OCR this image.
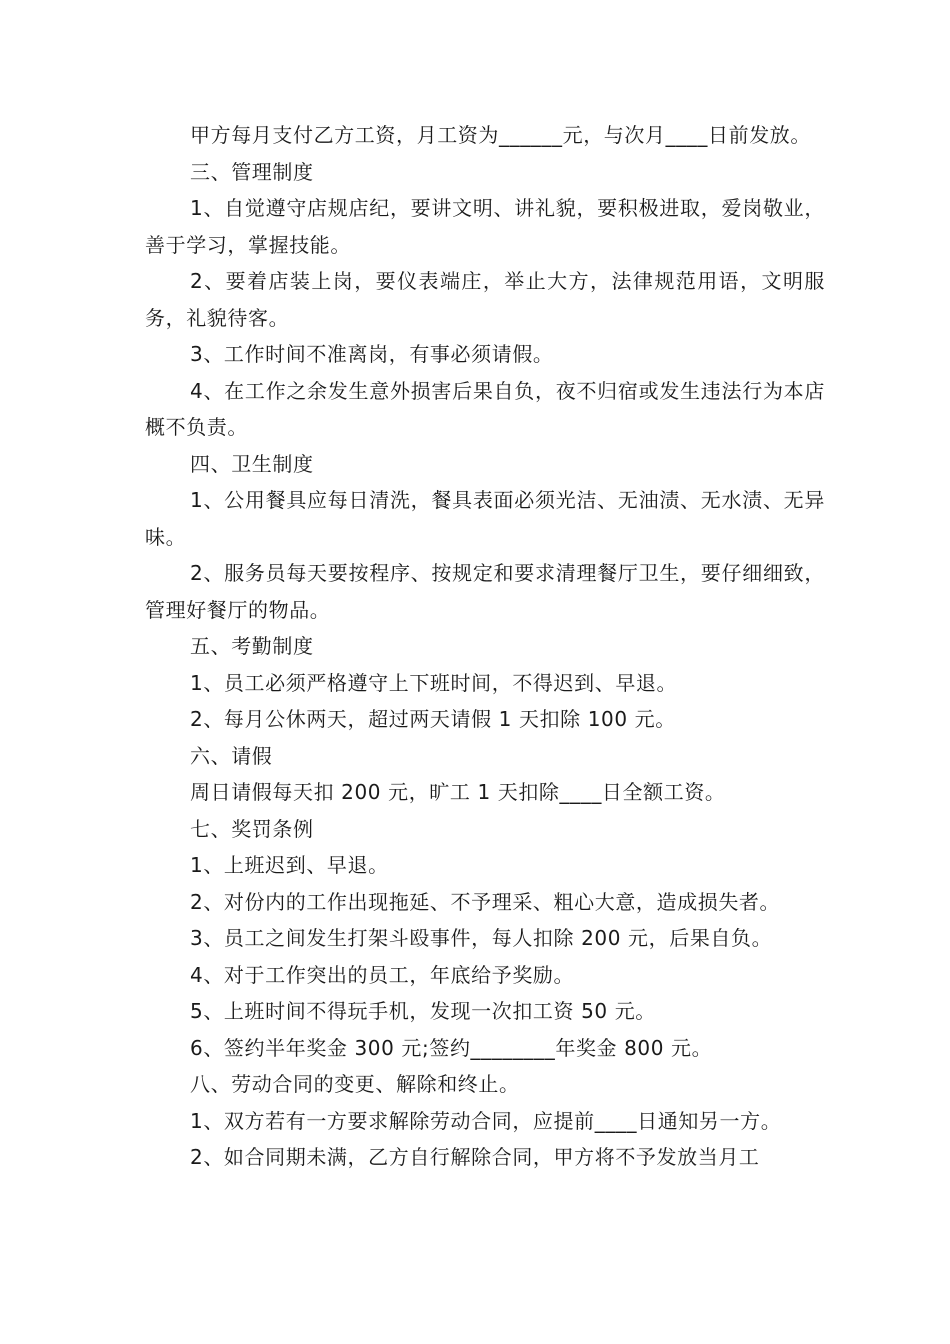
甲方每月支付乙方工资，月工资为______元，与次月____日前发放。

三、管理制度

1、自觉遵守店规店纪，要讲文明、讲礼貌，要积极进取，爱岗敬业，善于学习，掌握技能。

2、要着店装上岗，要仪表端庄，举止大方，法律规范用语，文明服务，礼貌待客。

3、工作时间不准离岗，有事必须请假。

4、在工作之余发生意外损害后果自负，夜不归宿或发生违法行为本店概不负责。

四、卫生制度

1、公用餐具应每日清洗，餐具表面必须光洁、无油渍、无水渍、无异味。

2、服务员每天要按程序、按规定和要求清理餐厅卫生，要仔细细致，管理好餐厅的物品。

五、考勤制度

1、员工必须严格遵守上下班时间，不得迟到、早退。

2、每月公休两天，超过两天请假 1 天扣除 100 元。

六、请假

周日请假每天扣 200 元，旷工 1 天扣除____日全额工资。

七、奖罚条例

1、上班迟到、早退。

2、对份内的工作出现拖延、不予理采、粗心大意，造成损失者。

3、员工之间发生打架斗殴事件，每人扣除 200 元，后果自负。

4、对于工作突出的员工，年底给予奖励。

5、上班时间不得玩手机，发现一次扣工资 50 元。

6、签约半年奖金 300 元;签约________年奖金 800 元。

八、劳动合同的变更、解除和终止。

1、双方若有一方要求解除劳动合同，应提前____日通知另一方。

2、如合同期未满，乙方自行解除合同，甲方将不予发放当月工
